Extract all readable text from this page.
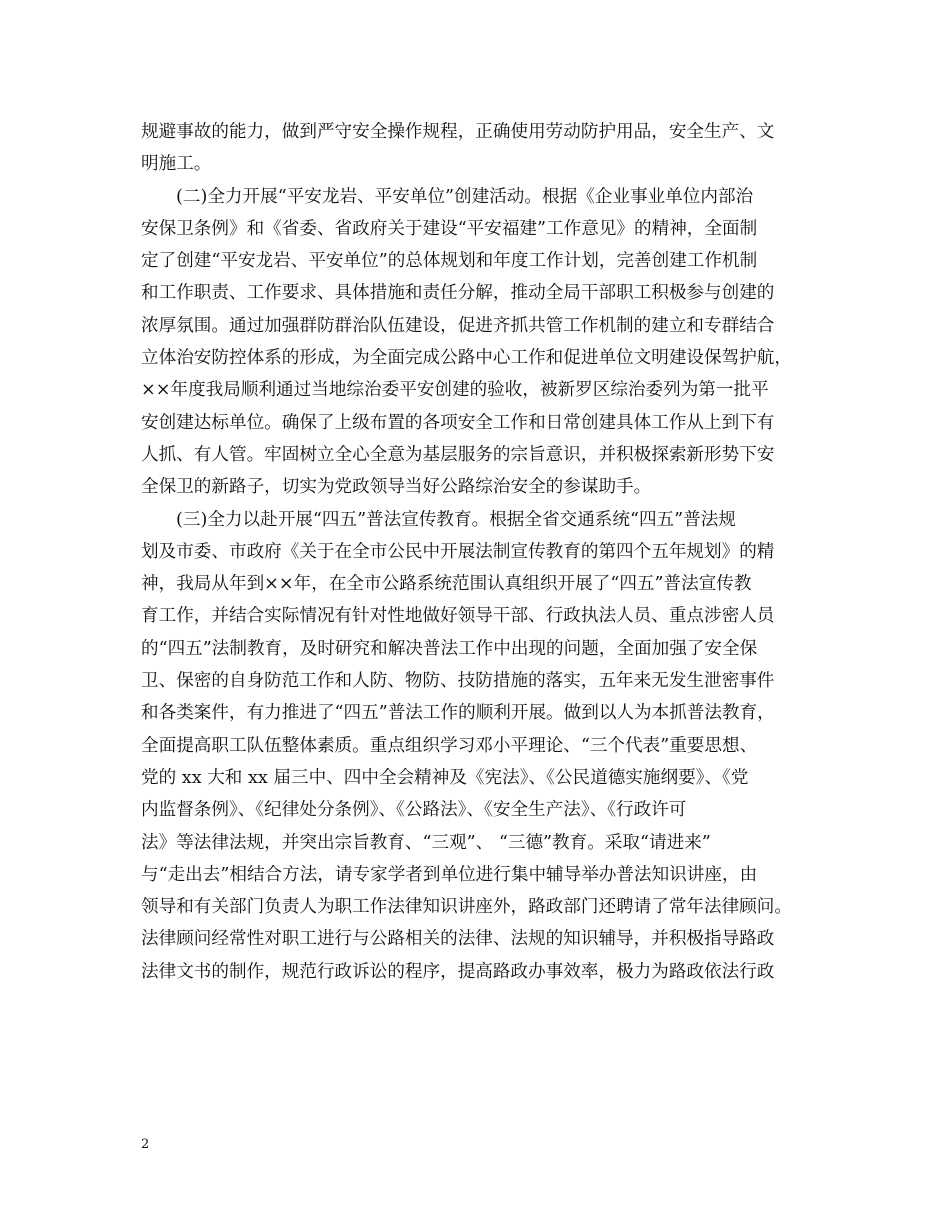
规避事故的能力，做到严守安全操作规程，正确使用劳动防护用品，安全生产、文
明施工。
(二)全力开展“平安龙岩、平安单位”创建活动。根据《企业事业单位内部治
安保卫条例》和《省委、省政府关于建设“平安福建”工作意见》的精神，全面制
定了创建“平安龙岩、平安单位”的总体规划和年度工作计划，完善创建工作机制
和工作职责、工作要求、具体措施和责任分解，推动全局干部职工积极参与创建的
浓厚氛围。通过加强群防群治队伍建设，促进齐抓共管工作机制的建立和专群结合
立体治安防控体系的形成，为全面完成公路中心工作和促进单位文明建设保驾护航，
××年度我局顺利通过当地综治委平安创建的验收，被新罗区综治委列为第一批平
安创建达标单位。确保了上级布置的各项安全工作和日常创建具体工作从上到下有
人抓、有人管。牢固树立全心全意为基层服务的宗旨意识，并积极探索新形势下安
全保卫的新路子，切实为党政领导当好公路综治安全的参谋助手。
(三)全力以赴开展“四五”普法宣传教育。根据全省交通系统“四五”普法规
划及市委、市政府《关于在全市公民中开展法制宣传教育的第四个五年规划》的精
神，我局从年到××年，在全市公路系统范围认真组织开展了“四五”普法宣传教
育工作，并结合实际情况有针对性地做好领导干部、行政执法人员、重点涉密人员
的“四五”法制教育，及时研究和解决普法工作中出现的问题，全面加强了安全保
卫、保密的自身防范工作和人防、物防、技防措施的落实，五年来无发生泄密事件
和各类案件，有力推进了“四五”普法工作的顺利开展。做到以人为本抓普法教育，
全面提高职工队伍整体素质。重点组织学习邓小平理论、“三个代表”重要思想、
党的 xx 大和 xx 届三中、四中全会精神及《宪法》、《公民道德实施纲要》、《党
内监督条例》、《纪律处分条例》、《公路法》、《安全生产法》、《行政许可
法》等法律法规，并突出宗旨教育、“三观”、 “三德”教育。采取“请进来”
与“走出去”相结合方法，请专家学者到单位进行集中辅导举办普法知识讲座，由
领导和有关部门负责人为职工作法律知识讲座外，路政部门还聘请了常年法律顾问。
法律顾问经常性对职工进行与公路相关的法律、法规的知识辅导，并积极指导路政
法律文书的制作，规范行政诉讼的程序，提高路政办事效率，极力为路政依法行政
2
